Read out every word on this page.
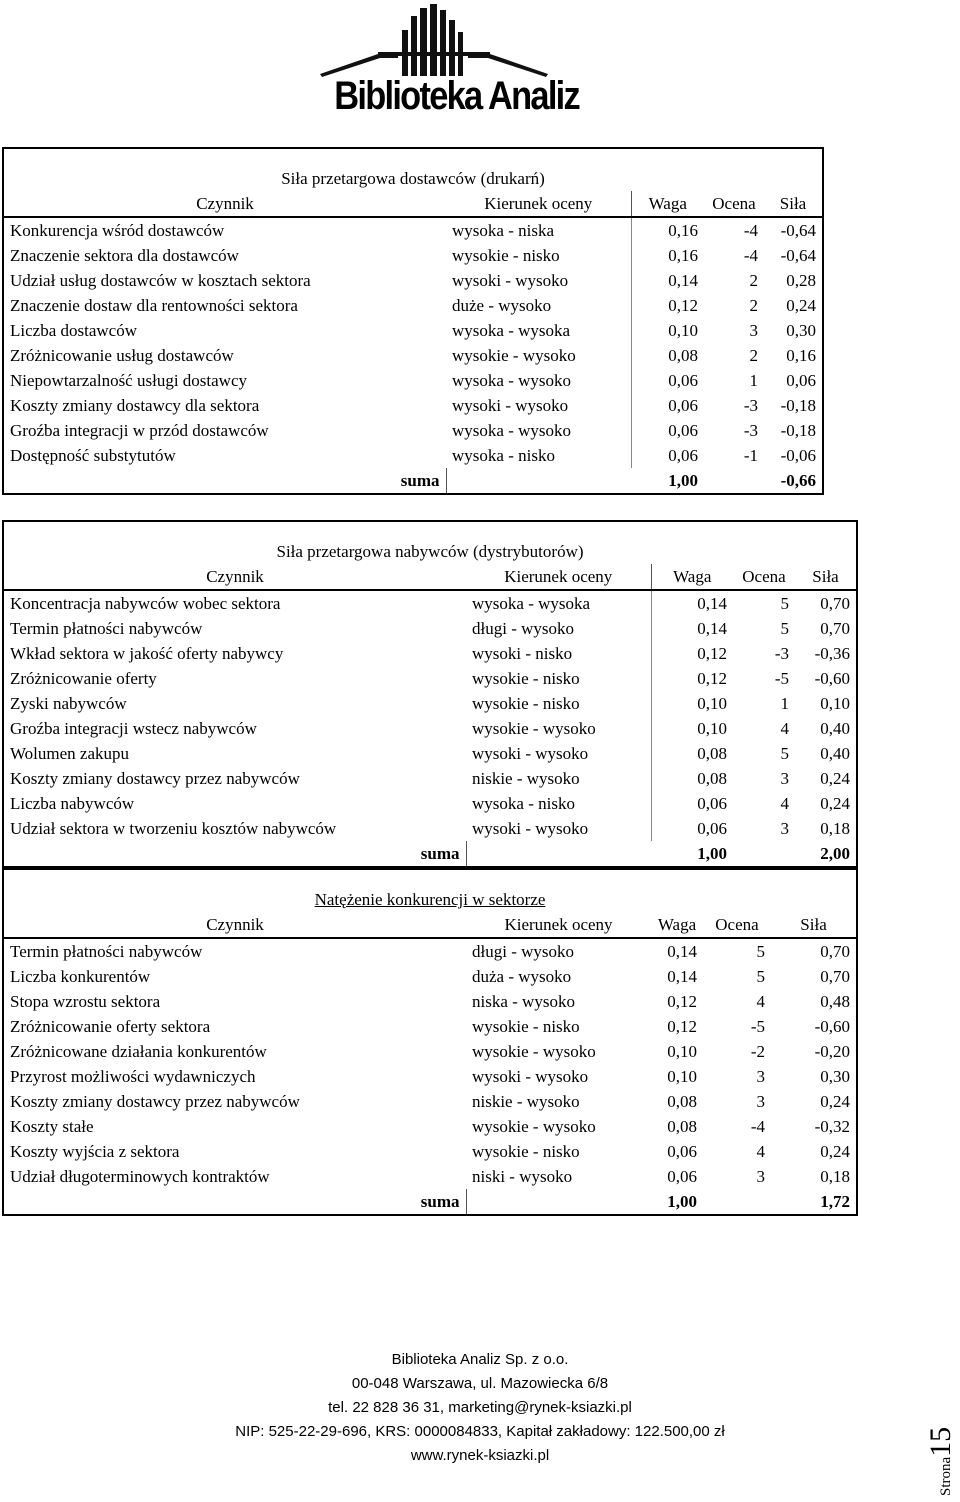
Biblioteka Analiz
Siła przetargowa dostawców (drukarń)				
Czynnik	Kierunek oceny	Waga	Ocena	Siła
Konkurencja wśród dostawców	wysoka - niska	0,16	-4	-0,64
Znaczenie sektora dla dostawców	wysokie - nisko	0,16	-4	-0,64
Udział usług dostawców w kosztach sektora	wysoki - wysoko	0,14	2	0,28
Znaczenie dostaw dla rentowności sektora	duże - wysoko	0,12	2	0,24
Liczba dostawców	wysoka - wysoka	0,10	3	0,30
Zróżnicowanie usług dostawców	wysokie - wysoko	0,08	2	0,16
Niepowtarzalność usługi dostawcy	wysoka - wysoko	0,06	1	0,06
Koszty zmiany dostawcy dla sektora	wysoki - wysoko	0,06	-3	-0,18
Groźba integracji w przód dostawców	wysoka - wysoko	0,06	-3	-0,18
Dostępność substytutów	wysoka - nisko	0,06	-1	-0,06
suma		1,00		-0,66
Siła przetargowa nabywców (dystrybutorów)				
Czynnik	Kierunek oceny	Waga	Ocena	Siła
Koncentracja nabywców wobec sektora	wysoka - wysoka	0,14	5	0,70
Termin płatności nabywców	długi - wysoko	0,14	5	0,70
Wkład sektora w jakość oferty nabywcy	wysoki - nisko	0,12	-3	-0,36
Zróżnicowanie oferty	wysokie - nisko	0,12	-5	-0,60
Zyski nabywców	wysokie - nisko	0,10	1	0,10
Groźba integracji wstecz nabywców	wysokie - wysoko	0,10	4	0,40
Wolumen zakupu	wysoki - wysoko	0,08	5	0,40
Koszty zmiany dostawcy przez nabywców	niskie - wysoko	0,08	3	0,24
Liczba nabywców	wysoka - nisko	0,06	4	0,24
Udział sektora w tworzeniu kosztów nabywców	wysoki - wysoko	0,06	3	0,18
suma		1,00		2,00
Natężenie konkurencji w sektorze				
Czynnik	Kierunek oceny	Waga	Ocena	Siła
Termin płatności nabywców	długi - wysoko	0,14	5	0,70
Liczba konkurentów	duża - wysoko	0,14	5	0,70
Stopa wzrostu sektora	niska - wysoko	0,12	4	0,48
Zróżnicowanie oferty sektora	wysokie - nisko	0,12	-5	-0,60
Zróżnicowane działania konkurentów	wysokie - wysoko	0,10	-2	-0,20
Przyrost możliwości wydawniczych	wysoki - wysoko	0,10	3	0,30
Koszty zmiany dostawcy przez nabywców	niskie - wysoko	0,08	3	0,24
Koszty stałe	wysokie - wysoko	0,08	-4	-0,32
Koszty wyjścia z sektora	wysokie - nisko	0,06	4	0,24
Udział długoterminowych kontraktów	niski - wysoko	0,06	3	0,18
suma		1,00		1,72
Biblioteka Analiz Sp. z o.o.
00-048 Warszawa, ul. Mazowiecka 6/8
tel. 22 828 36 31, marketing@rynek-ksiazki.pl
NIP: 525-22-29-696, KRS: 0000084833, Kapitał zakładowy: 122.500,00 zł
www.rynek-ksiazki.pl
Strona15
